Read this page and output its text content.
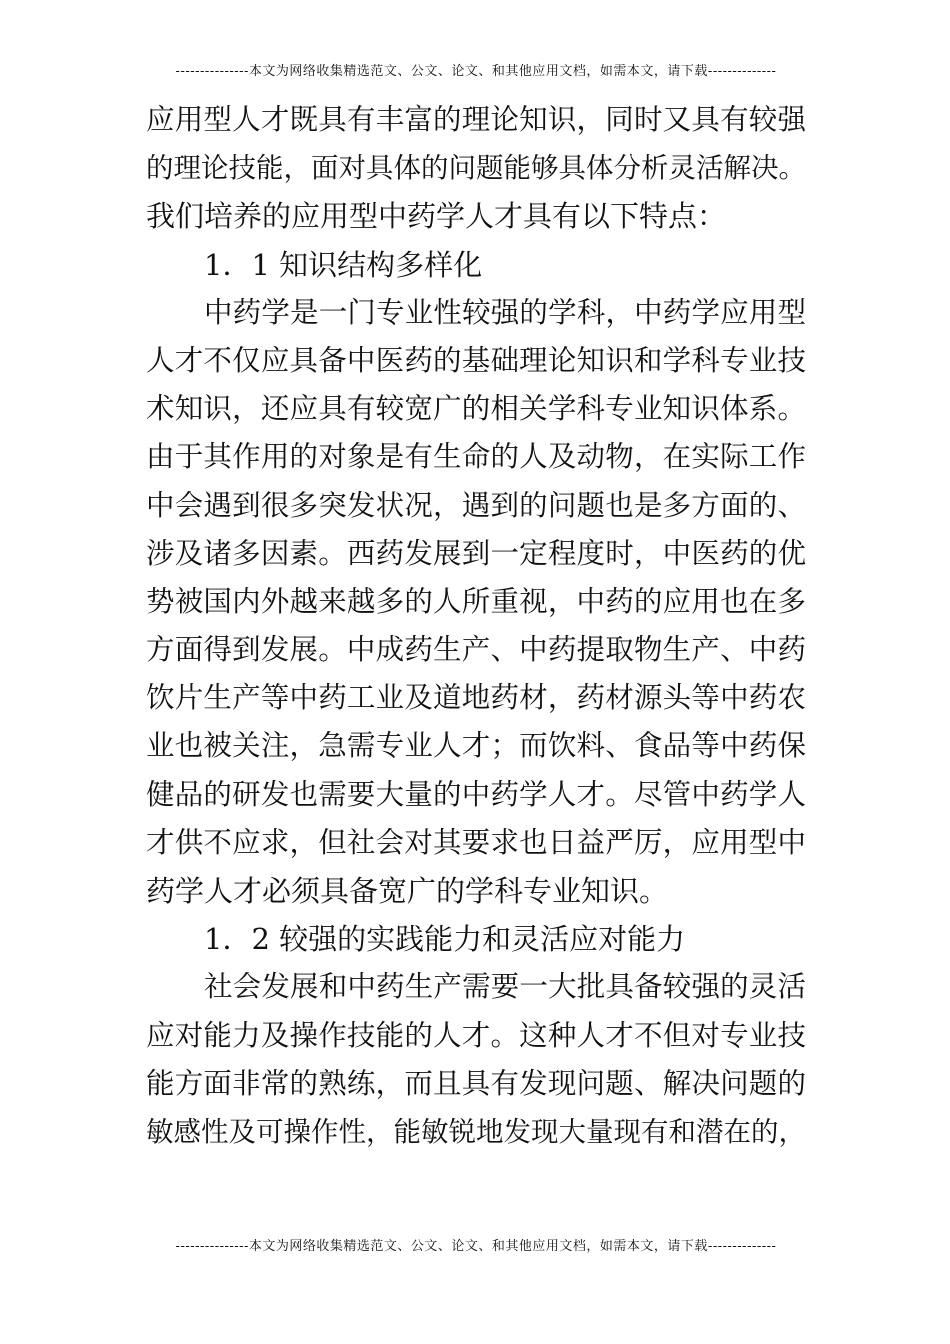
---------------本文为网络收集精选范文、公文、论文、和其他应用文档，如需本文，请下载--------------
应用型人才既具有丰富的理论知识，同时又具有较强
的理论技能，面对具体的问题能够具体分析灵活解决。
我们培养的应用型中药学人才具有以下特点：
1．1 知识结构多样化
中药学是一门专业性较强的学科，中药学应用型
人才不仅应具备中医药的基础理论知识和学科专业技
术知识，还应具有较宽广的相关学科专业知识体系。
由于其作用的对象是有生命的人及动物，在实际工作
中会遇到很多突发状况，遇到的问题也是多方面的、
涉及诸多因素。西药发展到一定程度时，中医药的优
势被国内外越来越多的人所重视，中药的应用也在多
方面得到发展。中成药生产、中药提取物生产、中药
饮片生产等中药工业及道地药材，药材源头等中药农
业也被关注，急需专业人才；而饮料、食品等中药保
健品的研发也需要大量的中药学人才。尽管中药学人
才供不应求，但社会对其要求也日益严厉，应用型中
药学人才必须具备宽广的学科专业知识。
1．2 较强的实践能力和灵活应对能力
社会发展和中药生产需要一大批具备较强的灵活
应对能力及操作技能的人才。这种人才不但对专业技
能方面非常的熟练，而且具有发现问题、解决问题的
敏感性及可操作性，能敏锐地发现大量现有和潜在的，
---------------本文为网络收集精选范文、公文、论文、和其他应用文档，如需本文，请下载--------------
